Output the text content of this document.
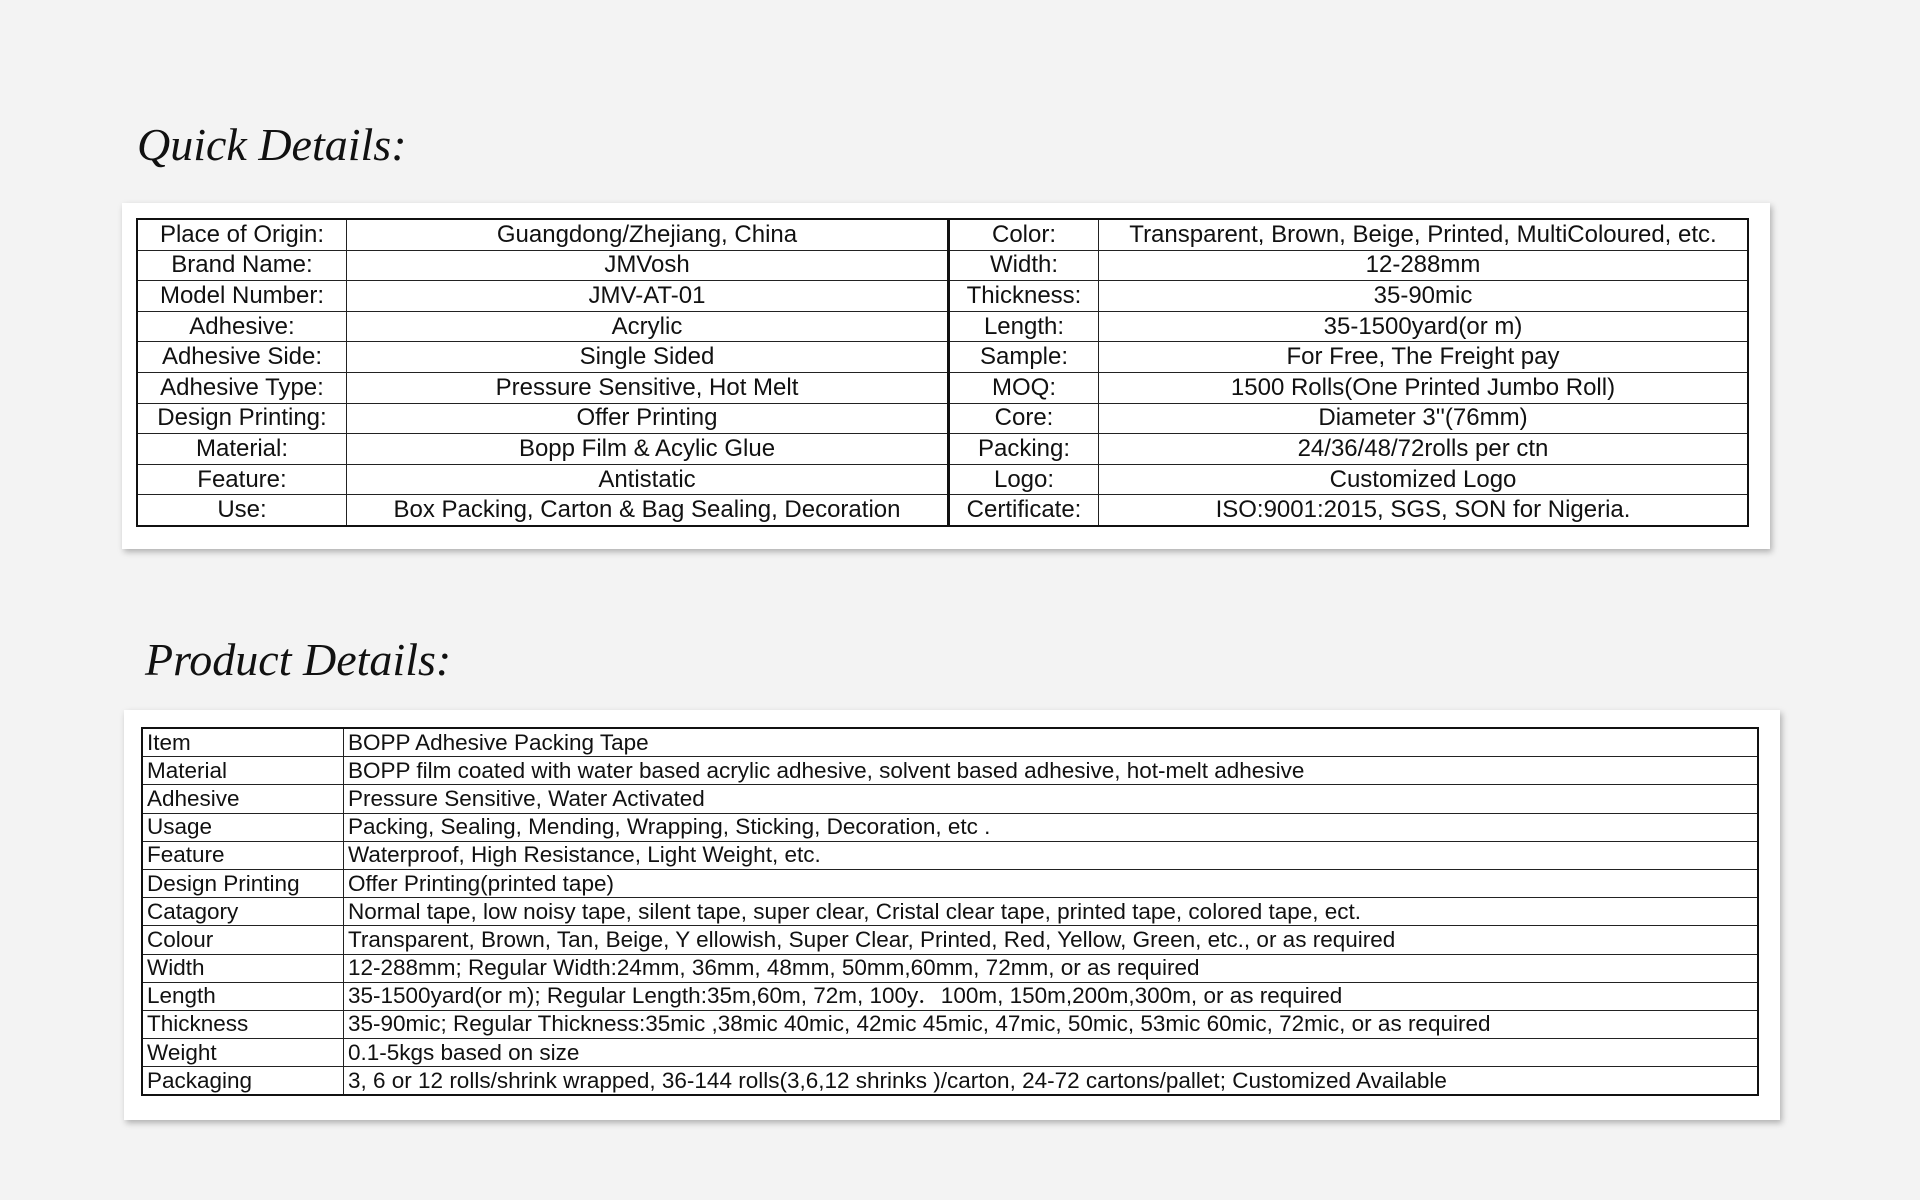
Quick Details:
Place of Origin:	Guangdong/Zhejiang, China	Color:	Transparent, Brown, Beige, Printed, MultiColoured, etc.
Brand Name:	JMVosh	Width:	12-288mm
Model Number:	JMV-AT-01	Thickness:	35-90mic
Adhesive:	Acrylic	Length:	35-1500yard(or m)
Adhesive Side:	Single Sided	Sample:	For Free, The Freight pay
Adhesive Type:	Pressure Sensitive, Hot Melt	MOQ:	1500 Rolls(One Printed Jumbo Roll)
Design Printing:	Offer Printing	Core:	Diameter 3''(76mm)
Material:	Bopp Film & Acylic Glue	Packing:	24/36/48/72rolls per ctn
Feature:	Antistatic	Logo:	Customized Logo
Use:	Box Packing, Carton & Bag Sealing, Decoration	Certificate:	ISO:9001:2015, SGS, SON for Nigeria.
Product Details:
Item	BOPP Adhesive Packing Tape
Material	BOPP film coated with water based acrylic adhesive, solvent based adhesive, hot-melt adhesive
Adhesive	Pressure Sensitive, Water Activated
Usage	Packing, Sealing, Mending, Wrapping, Sticking, Decoration, etc .
Feature	Waterproof, High Resistance, Light Weight, etc.
Design Printing	Offer Printing(printed tape)
Catagory	Normal tape, low noisy tape, silent tape, super clear, Cristal clear tape, printed tape, colored tape, ect.
Colour	Transparent, Brown, Tan, Beige, Y ellowish, Super Clear, Printed, Red, Yellow, Green, etc., or as required
Width	12-288mm; Regular Width:24mm, 36mm, 48mm, 50mm,60mm, 72mm, or as required
Length	35-1500yard(or m); Regular Length:35m,60m, 72m, 100y．100m, 150m,200m,300m, or as required
Thickness	35-90mic; Regular Thickness:35mic ,38mic 40mic, 42mic 45mic, 47mic, 50mic, 53mic 60mic, 72mic, or as required
Weight	0.1-5kgs based on size
Packaging	3, 6 or 12 rolls/shrink wrapped, 36-144 rolls(3,6,12 shrinks )/carton, 24-72 cartons/pallet; Customized Available
